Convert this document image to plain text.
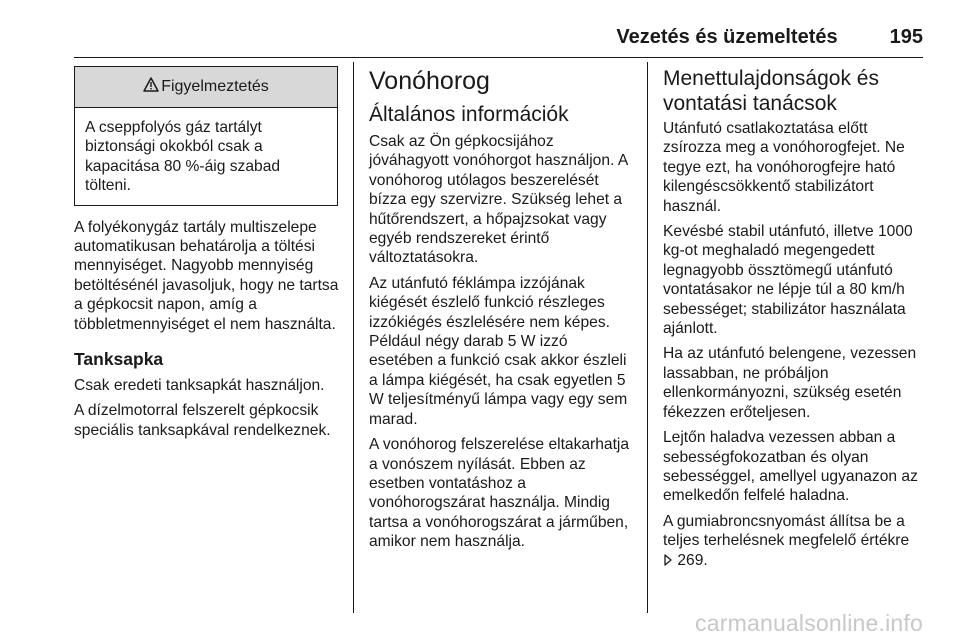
Vezetés és üzemeltetés	195
Figyelmeztetés
A cseppfolyós gáz tartályt biztonsági okokból csak a kapacitása 80 %-áig szabad tölteni.

A folyékonygáz tartály multiszelepe automatikusan behatárolja a töltési mennyiséget. Nagyobb mennyiség betöltésénél javasoljuk, hogy ne tartsa a gépkocsit napon, amíg a többletmennyiséget el nem használta.

Tanksapka

Csak eredeti tanksapkát használjon.

A dízelmotorral felszerelt gépkocsik speciális tanksapkával rendelkeznek.

Vonóhorog
Általános információk

Csak az Ön gépkocsijához jóváhagyott vonóhorgot használjon. A vonóhorog utólagos beszerelését bízza egy szervizre. Szükség lehet a hűtőrendszert, a hőpajzsokat vagy egyéb rendszereket érintő változtatásokra.

Az utánfutó féklámpa izzójának kiégését észlelő funkció részleges izzókiégés észlelésére nem képes. Például négy darab 5 W izzó esetében a funkció csak akkor észleli a lámpa kiégését, ha csak egyetlen 5 W teljesítményű lámpa vagy egy sem marad.

A vonóhorog felszerelése eltakarhatja a vonószem nyílását. Ebben az esetben vontatáshoz a vonóhorogszárat használja. Mindig tartsa a vonóhorogszárat a járműben, amikor nem használja.

Menettulajdonságok és vontatási tanácsok

Utánfutó csatlakoztatása előtt zsírozza meg a vonóhorogfejet. Ne tegye ezt, ha vonóhorogfejre ható kilengéscsökkentő stabilizátort használ.

Kevésbé stabil utánfutó, illetve 1000 kg-ot meghaladó megengedett legnagyobb össztömegű utánfutó vontatásakor ne lépje túl a 80 km/h sebességet; stabilizátor használata ajánlott.

Ha az utánfutó belengene, vezessen lassabban, ne próbáljon ellenkormányozni, szükség esetén fékezzen erőteljesen.

Lejtőn haladva vezessen abban a sebességfokozatban és olyan sebességgel, amellyel ugyanazon az emelkedőn felfelé haladna.

A gumiabroncsnyomást állítsa be a teljes terhelésnek megfelelő értékre
269.

carmanualsonline.info
